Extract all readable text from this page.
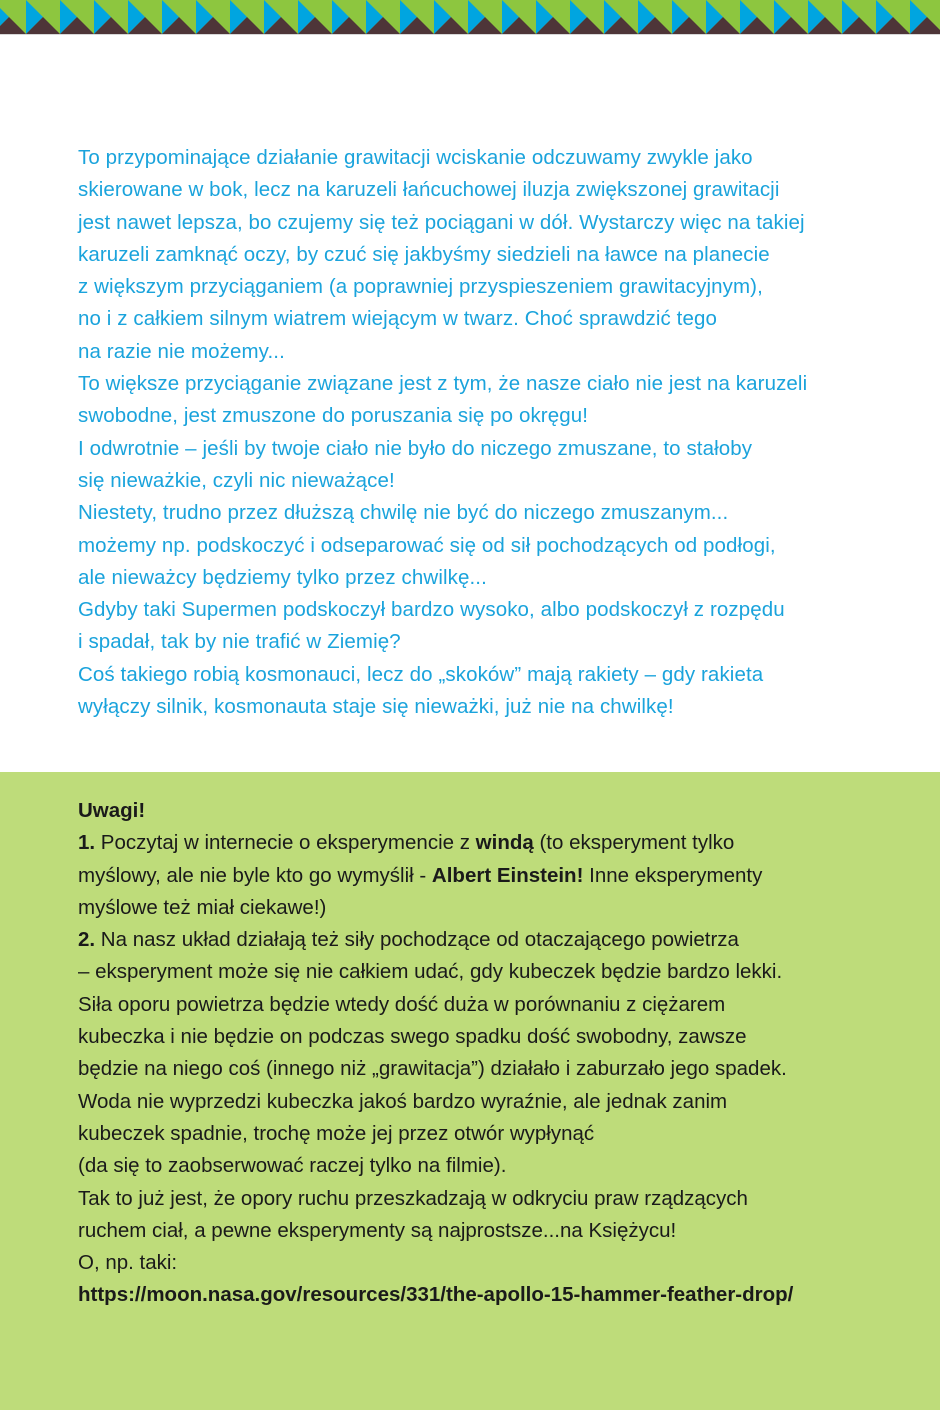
To przypominające działanie grawitacji wciskanie odczuwamy zwykle jako
skierowane w bok, lecz na karuzeli łańcuchowej iluzja zwiększonej grawitacji
jest nawet lepsza, bo czujemy się też pociągani w dół. Wystarczy więc na takiej
karuzeli zamknąć oczy, by czuć się jakbyśmy siedzieli na ławce na planecie
z większym przyciąganiem (a poprawniej przyspieszeniem grawitacyjnym),
no i z całkiem silnym wiatrem wiejącym w twarz. Choć sprawdzić tego
na razie nie możemy...
To większe przyciąganie związane jest z tym, że nasze ciało nie jest na karuzeli
swobodne, jest zmuszone do poruszania się po okręgu!
I odwrotnie – jeśli by twoje ciało nie było do niczego zmuszane, to stałoby
się nieważkie, czyli nic nieważące!
Niestety, trudno przez dłuższą chwilę nie być do niczego zmuszanym...
możemy np. podskoczyć i odseparować się od sił pochodzących od podłogi,
ale nieważcy będziemy tylko przez chwilkę...
Gdyby taki Supermen podskoczył bardzo wysoko, albo podskoczył z rozpędu
i spadał, tak by nie trafić w Ziemię?
Coś takiego robią kosmonauci, lecz do „skoków” mają rakiety – gdy rakieta
wyłączy silnik, kosmonauta staje się nieważki, już nie na chwilkę!
Uwagi!
1. Poczytaj w internecie o eksperymencie z windą (to eksperyment tylko
myślowy, ale nie byle kto go wymyślił - Albert Einstein! Inne eksperymenty
myślowe też miał ciekawe!)
2. Na nasz układ działają też siły pochodzące od otaczającego powietrza
– eksperyment może się nie całkiem udać, gdy kubeczek będzie bardzo lekki.
Siła oporu powietrza będzie wtedy dość duża w porównaniu z ciężarem
kubeczka i nie będzie on podczas swego spadku dość swobodny, zawsze
będzie na niego coś (innego niż „grawitacja”) działało i zaburzało jego spadek.
Woda nie wyprzedzi kubeczka jakoś bardzo wyraźnie, ale jednak zanim
kubeczek spadnie, trochę może jej przez otwór wypłynąć
(da się to zaobserwować raczej tylko na filmie).
Tak to już jest, że opory ruchu przeszkadzają w odkryciu praw rządzących
ruchem ciał, a pewne eksperymenty są najprostsze...na Księżycu!
O, np. taki:
https://moon.nasa.gov/resources/331/the-apollo-15-hammer-feather-drop/
